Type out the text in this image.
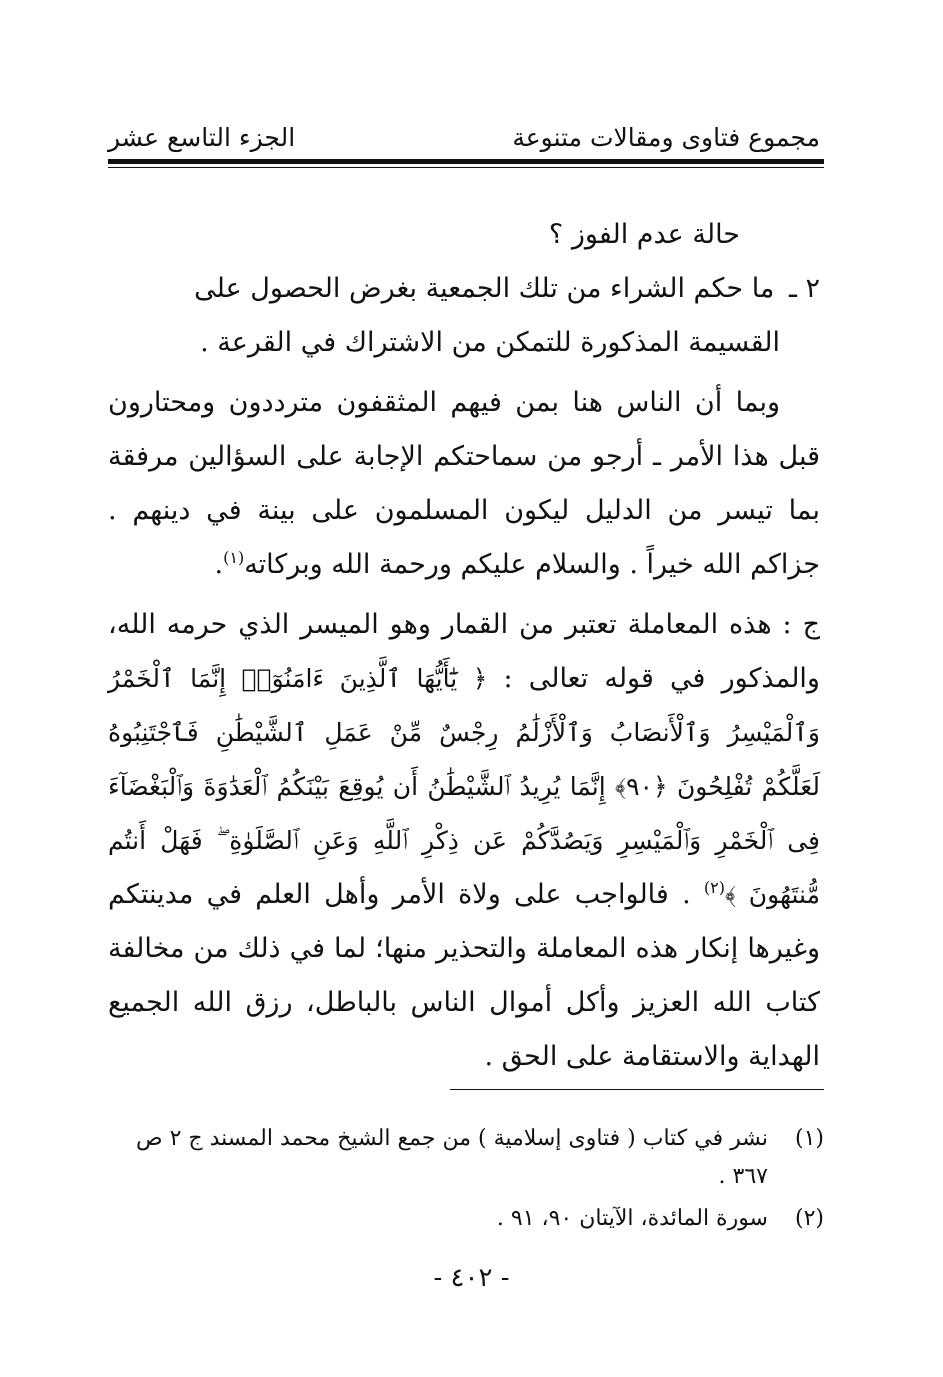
مجموع فتاوى ومقالات متنوعة
الجزء التاسع عشر

حالة عدم الفوز ؟

٢ ـ ما حكم الشراء من تلك الجمعية بغرض الحصول على

القسيمة المذكورة للتمكن من الاشتراك في القرعة .

وبما أن الناس هنا بمن فيهم المثقفون مترددون ومحتارون قبل هذا الأمر ـ أرجو من سماحتكم الإجابة على السؤالين مرفقة بما تيسر من الدليل ليكون المسلمون على بينة في دينهم . جزاكم الله خيراً . والسلام عليكم ورحمة الله وبركاته$^{(١)}$.

ج : هذه المعاملة تعتبر من القمار وهو الميسر الذي حرمه الله، والمذكور في قوله تعالى : ﴿ يَٰٓأَيُّهَا ٱلَّذِينَ ءَامَنُوٓا۟ إِنَّمَا ٱلْخَمْرُ وَٱلْمَيْسِرُ وَٱلْأَنصَابُ وَٱلْأَزْلَٰمُ رِجْسٌ مِّنْ عَمَلِ ٱلشَّيْطَٰنِ فَٱجْتَنِبُوهُ لَعَلَّكُمْ تُفْلِحُونَ ﴿٩٠﴾ إِنَّمَا يُرِيدُ ٱلشَّيْطَٰنُ أَن يُوقِعَ بَيْنَكُمُ ٱلْعَدَٰوَةَ وَٱلْبَغْضَآءَ فِى ٱلْخَمْرِ وَٱلْمَيْسِرِ وَيَصُدَّكُمْ عَن ذِكْرِ ٱللَّهِ وَعَنِ ٱلصَّلَوٰةِ ۖ فَهَلْ أَنتُم مُّنتَهُونَ ﴾$^{(٢)}$ . فالواجب على ولاة الأمر وأهل العلم في مدينتكم وغيرها إنكار هذه المعاملة والتحذير منها؛ لما في ذلك من مخالفة كتاب الله العزيز وأكل أموال الناس بالباطل، رزق الله الجميع الهداية والاستقامة على الحق .

(١)
نشر في كتاب ( فتاوى إسلامية ) من جمع الشيخ محمد المسند ج ٢ ص ٣٦٧ .

(٢)
سورة المائدة، الآيتان ٩٠، ٩١ .

- ٤٠٢ -
